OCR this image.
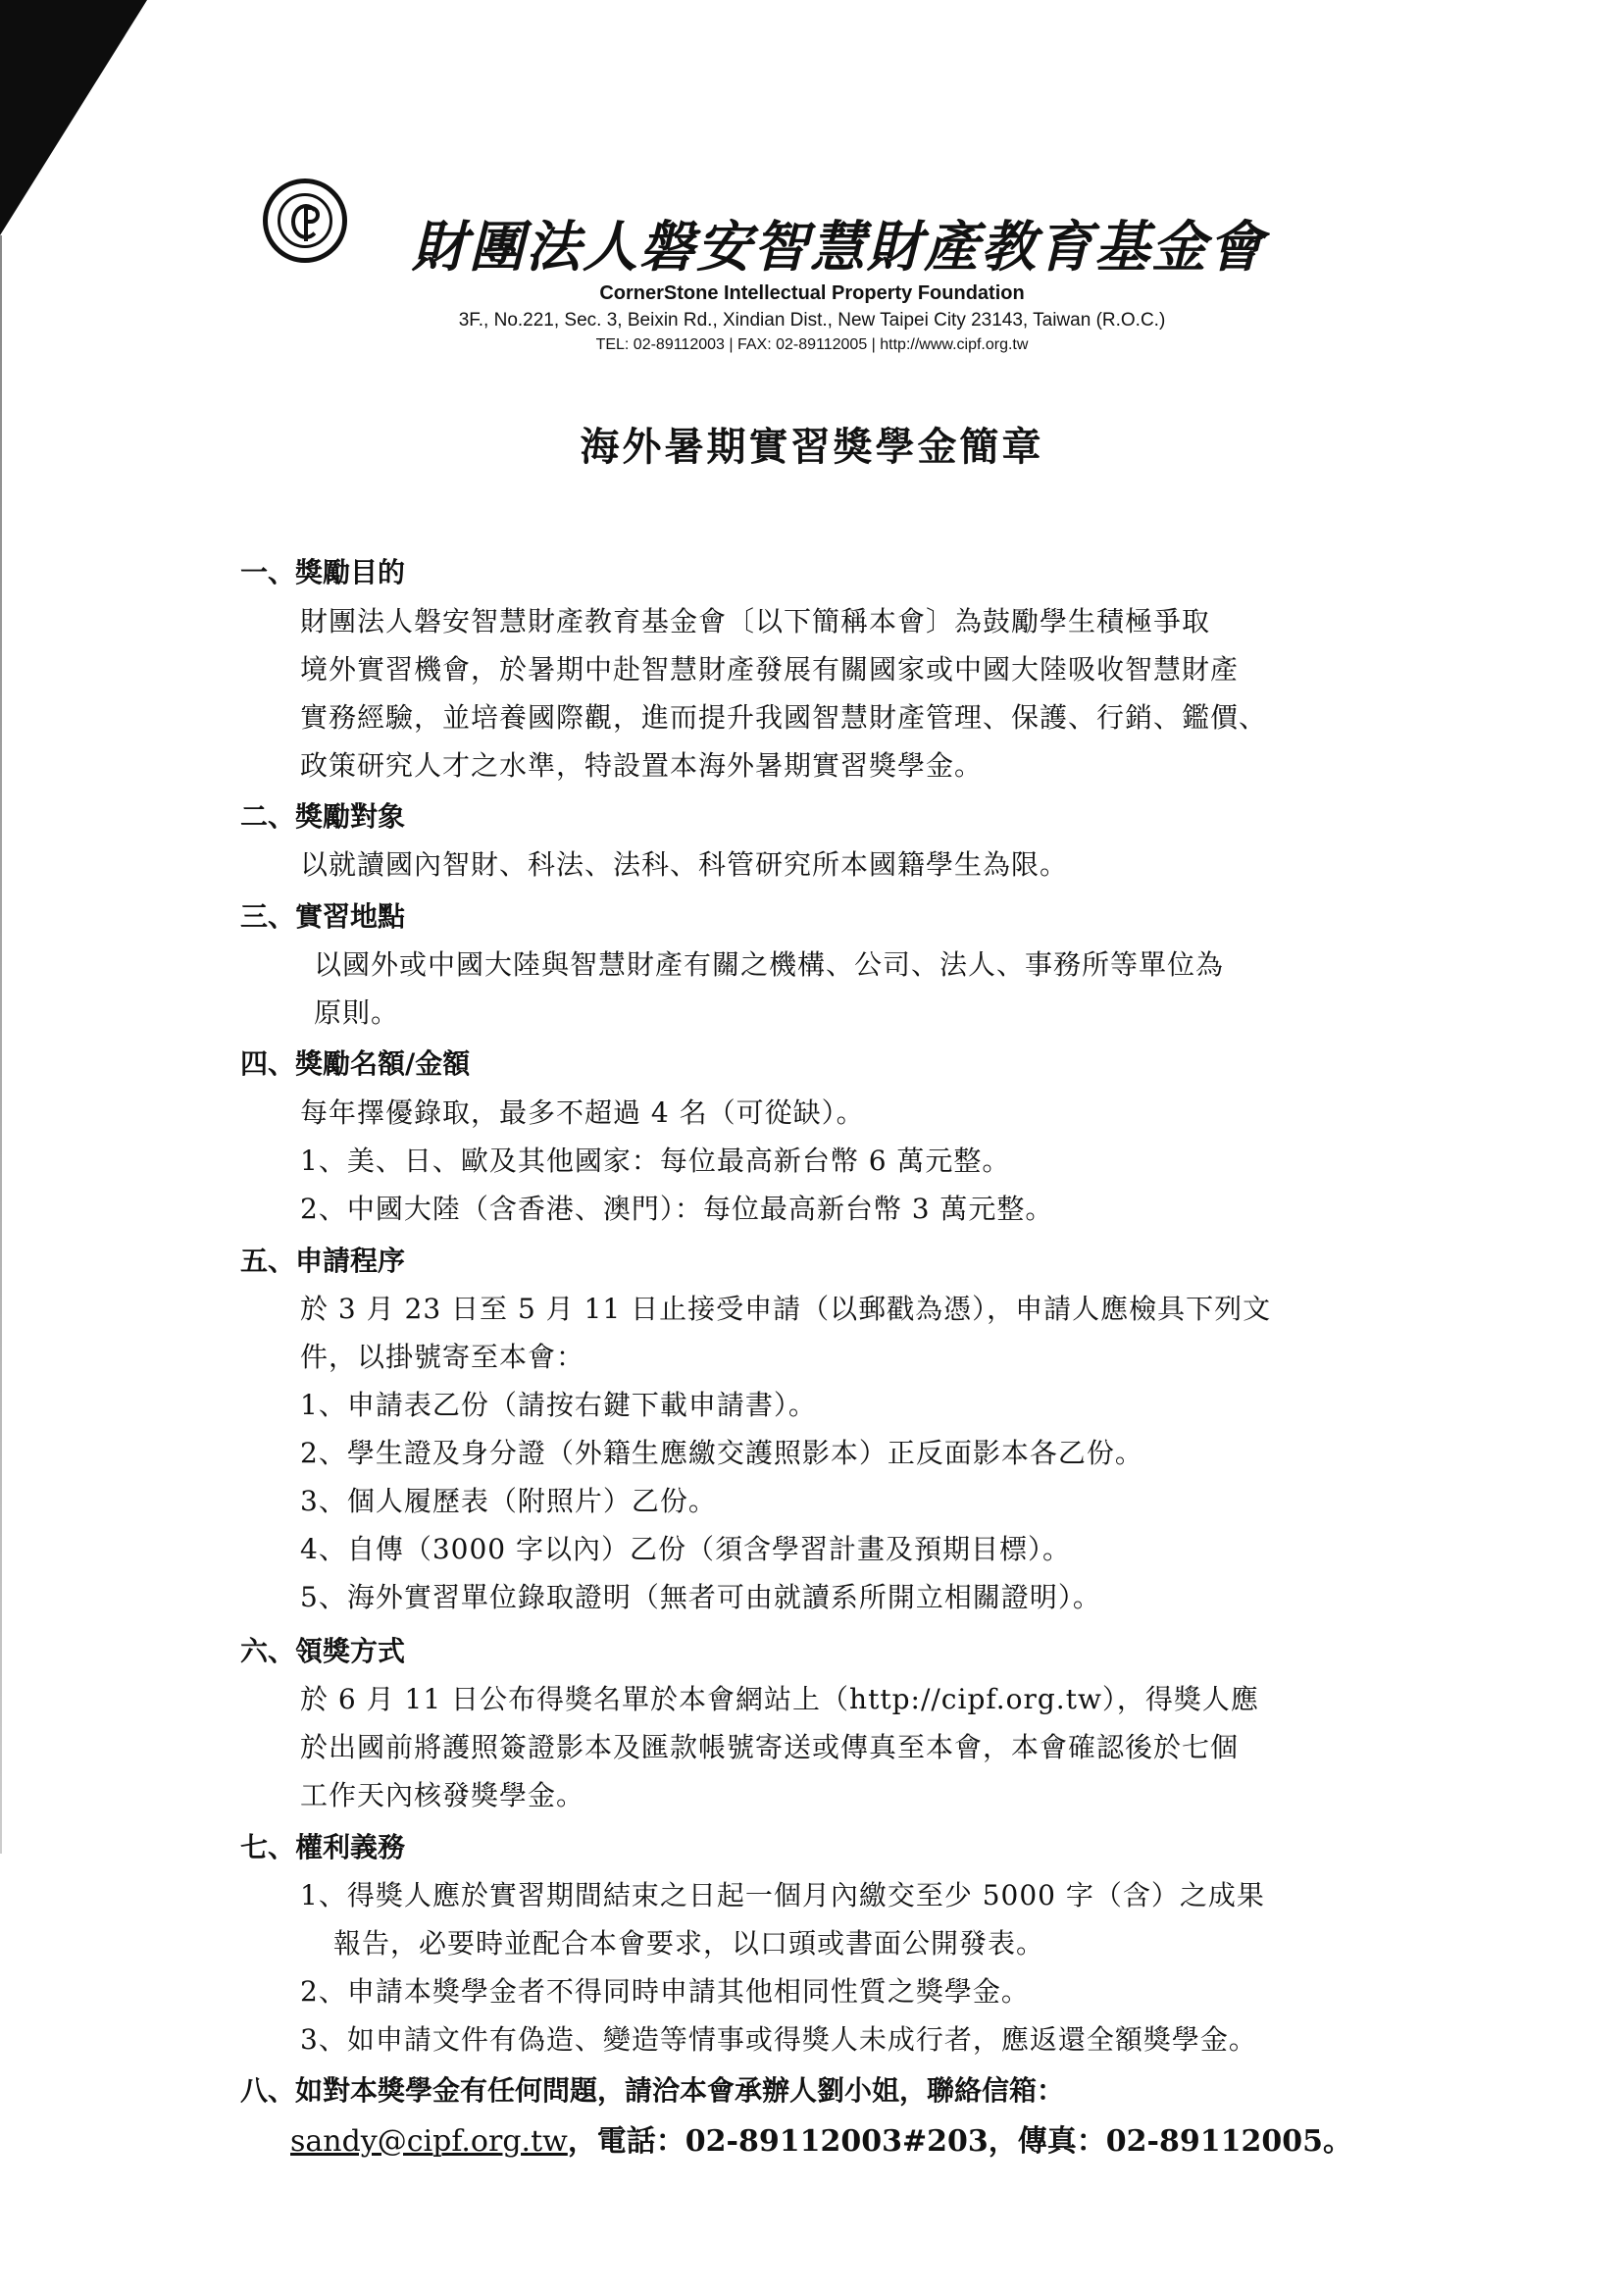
財團法人磐安智慧財產教育基金會
CornerStone Intellectual Property Foundation
3F., No.221, Sec. 3, Beixin Rd., Xindian Dist., New Taipei City 23143, Taiwan (R.O.C.)
TEL: 02-89112003 | FAX: 02-89112005 | http://www.cipf.org.tw
海外暑期實習獎學金簡章
一、獎勵目的
財團法人磐安智慧財產教育基金會〔以下簡稱本會〕為鼓勵學生積極爭取
境外實習機會，於暑期中赴智慧財產發展有關國家或中國大陸吸收智慧財產
實務經驗，並培養國際觀，進而提升我國智慧財產管理、保護、行銷、鑑價、
政策研究人才之水準，特設置本海外暑期實習獎學金。
二、獎勵對象
以就讀國內智財、科法、法科、科管研究所本國籍學生為限。
三、實習地點
以國外或中國大陸與智慧財產有關之機構、公司、法人、事務所等單位為
原則。
四、獎勵名額/金額
每年擇優錄取，最多不超過 4 名（可從缺）。
1、美、日、歐及其他國家：每位最高新台幣 6 萬元整。
2、中國大陸（含香港、澳門）：每位最高新台幣 3 萬元整。
五、申請程序
於 3 月 23 日至 5 月 11 日止接受申請（以郵戳為憑），申請人應檢具下列文
件，以掛號寄至本會：
1、申請表乙份（請按右鍵下載申請書）。
2、學生證及身分證（外籍生應繳交護照影本）正反面影本各乙份。
3、個人履歷表（附照片）乙份。
4、自傳（3000 字以內）乙份（須含學習計畫及預期目標）。
5、海外實習單位錄取證明（無者可由就讀系所開立相關證明）。
六、領獎方式
於 6 月 11 日公布得獎名單於本會網站上（http://cipf.org.tw），得獎人應
於出國前將護照簽證影本及匯款帳號寄送或傳真至本會，本會確認後於七個
工作天內核發獎學金。
七、權利義務
1、得獎人應於實習期間結束之日起一個月內繳交至少 5000 字（含）之成果
報告，必要時並配合本會要求，以口頭或書面公開發表。
2、申請本獎學金者不得同時申請其他相同性質之獎學金。
3、如申請文件有偽造、變造等情事或得獎人未成行者，應返還全額獎學金。
八、如對本獎學金有任何問題，請洽本會承辦人劉小姐，聯絡信箱：
sandy@cipf.org.tw，電話：02-89112003#203，傳真：02-89112005。
